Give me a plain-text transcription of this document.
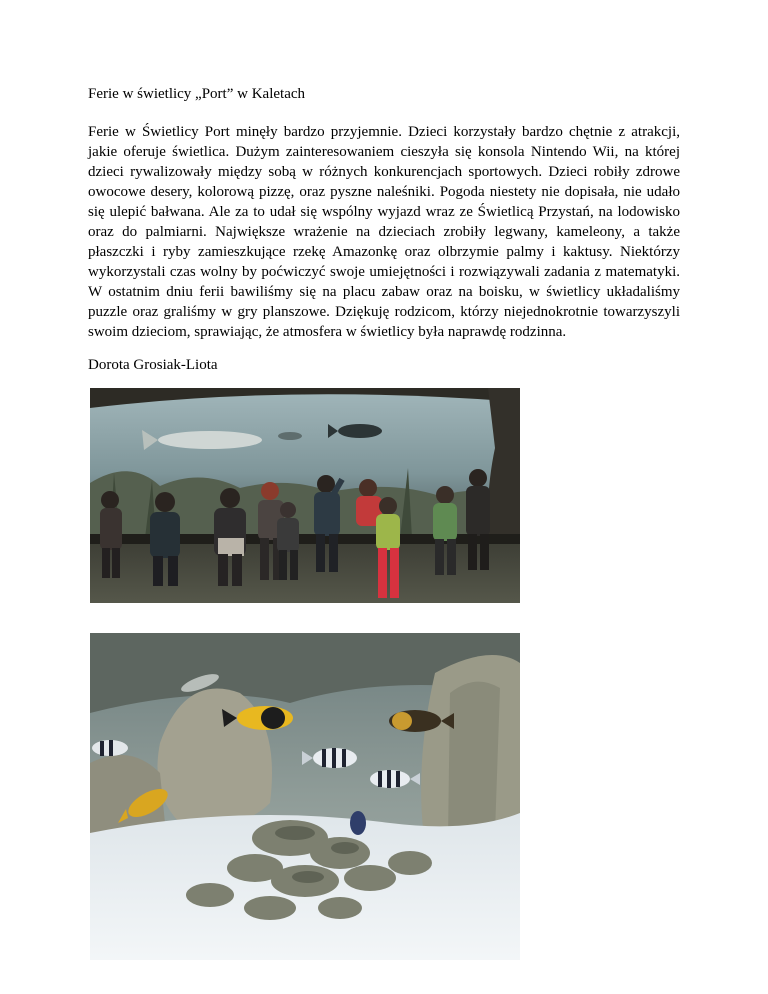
Ferie w świetlicy „Port” w Kaletach

Ferie w Świetlicy Port minęły bardzo przyjemnie. Dzieci korzystały bardzo chętnie z atrakcji, jakie oferuje świetlica. Dużym zainteresowaniem cieszyła się konsola Nintendo Wii, na której dzieci rywalizowały między sobą w różnych konkurencjach sportowych. Dzieci robiły zdrowe owocowe desery, kolorową pizzę, oraz pyszne naleśniki. Pogoda niestety nie dopisała, nie udało się ulepić bałwana. Ale za to udał się wspólny wyjazd wraz ze Świetlicą Przystań, na lodowisko oraz do palmiarni. Największe wrażenie na dzieciach zrobiły legwany, kameleony, a także płaszczki i ryby zamieszkujące rzekę Amazonkę oraz olbrzymie palmy i kaktusy. Niektórzy wykorzystali czas wolny by poćwiczyć swoje umiejętności i rozwiązywali zadania z matematyki. W ostatnim dniu ferii bawiliśmy się na placu zabaw oraz na boisku, w świetlicy układaliśmy puzzle oraz graliśmy w gry planszowe. Dziękuję rodzicom, którzy niejednokrotnie towarzyszyli swoim dzieciom, sprawiając, że atmosfera w świetlicy była naprawdę rodzinna.

Dorota Grosiak-Liota
